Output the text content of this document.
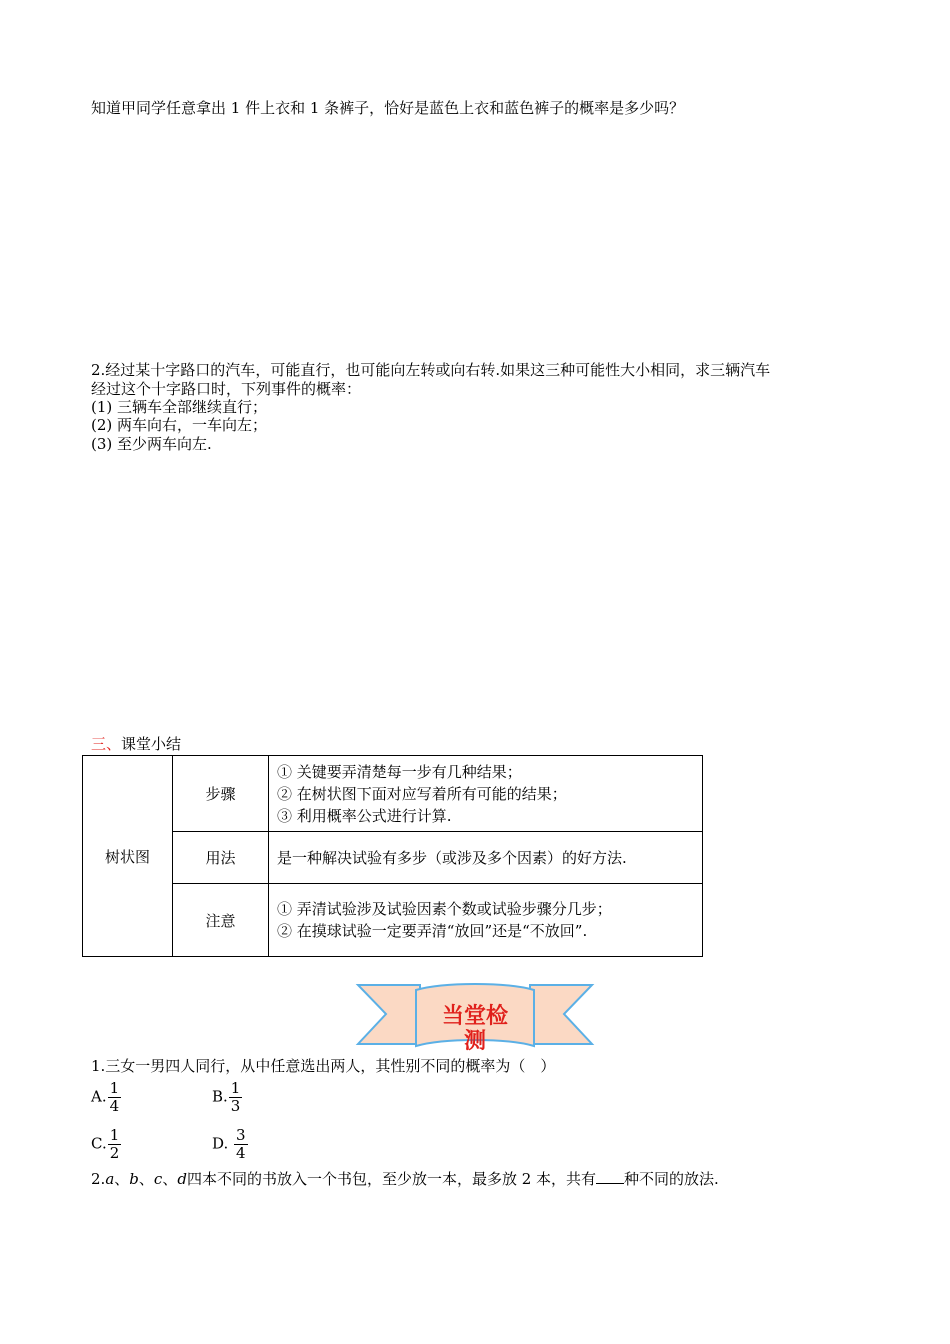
知道甲同学任意拿出 1 件上衣和 1 条裤子，恰好是蓝色上衣和蓝色裤子的概率是多少吗？
2.经过某十字路口的汽车，可能直行，也可能向左转或向右转.如果这三种可能性大小相同，求三辆汽车
经过这个十字路口时，下列事件的概率：
(1) 三辆车全部继续直行；
(2) 两车向右，一车向左；
(3) 至少两车向左.
三、课堂小结
树状图	步骤	① 关键要弄清楚每一步有几种结果；
② 在树状图下面对应写着所有可能的结果；
③ 利用概率公式进行计算.

	用法	是一种解决试验有多步（或涉及多个因素）的好方法.

	注意	① 弄清试验涉及试验因素个数或试验步骤分几步；
② 在摸球试验一定要弄清“放回”还是“不放回”.
当堂检
测
1.三女一男四人同行，从中任意选出两人，其性别不同的概率为（　）
A. $\frac{1}{4}$	B. $\frac{1}{3}$
C. $\frac{1}{2}$	D. $\frac{3}{4}$
2.a、b、c、d四本不同的书放入一个书包，至少放一本，最多放 2 本，共有 种不同的放法.
